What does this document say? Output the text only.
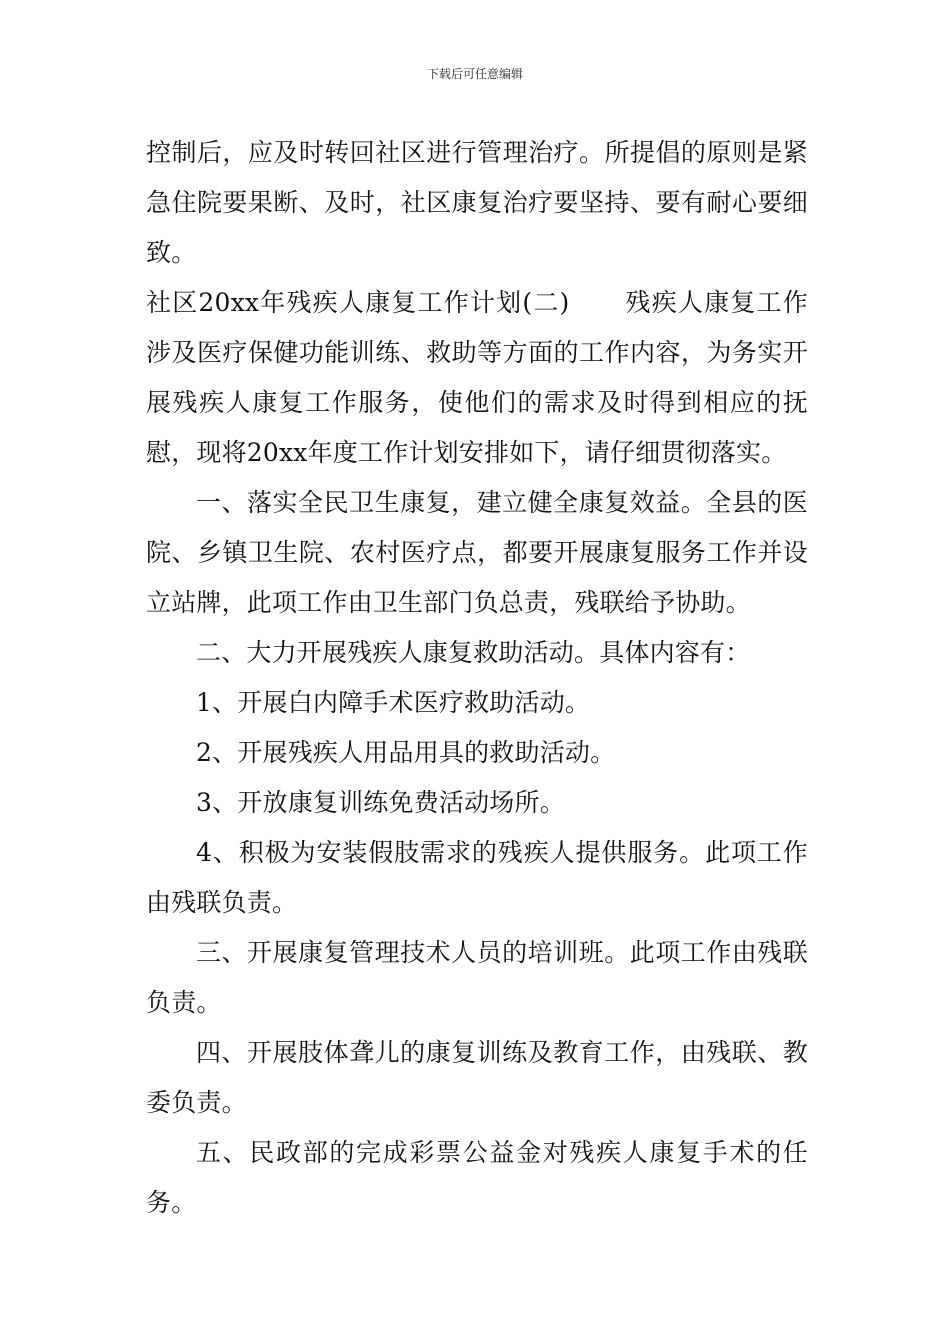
下载后可任意编辑

控制后，应及时转回社区进行管理治疗。所提倡的原则是紧急住院要果断、及时，社区康复治疗要坚持、要有耐心要细致。

社区20xx年残疾人康复工作计划(二) 残疾人康复工作涉及医疗保健功能训练、救助等方面的工作内容，为务实开展残疾人康复工作服务，使他们的需求及时得到相应的抚慰，现将20xx年度工作计划安排如下，请仔细贯彻落实。

一、落实全民卫生康复，建立健全康复效益。全县的医院、乡镇卫生院、农村医疗点，都要开展康复服务工作并设立站牌，此项工作由卫生部门负总责，残联给予协助。

二、大力开展残疾人康复救助活动。具体内容有：

1、开展白内障手术医疗救助活动。

2、开展残疾人用品用具的救助活动。

3、开放康复训练免费活动场所。

4、积极为安装假肢需求的残疾人提供服务。此项工作由残联负责。

三、开展康复管理技术人员的培训班。此项工作由残联负责。

四、开展肢体聋儿的康复训练及教育工作，由残联、教委负责。

五、民政部的完成彩票公益金对残疾人康复手术的任务。
